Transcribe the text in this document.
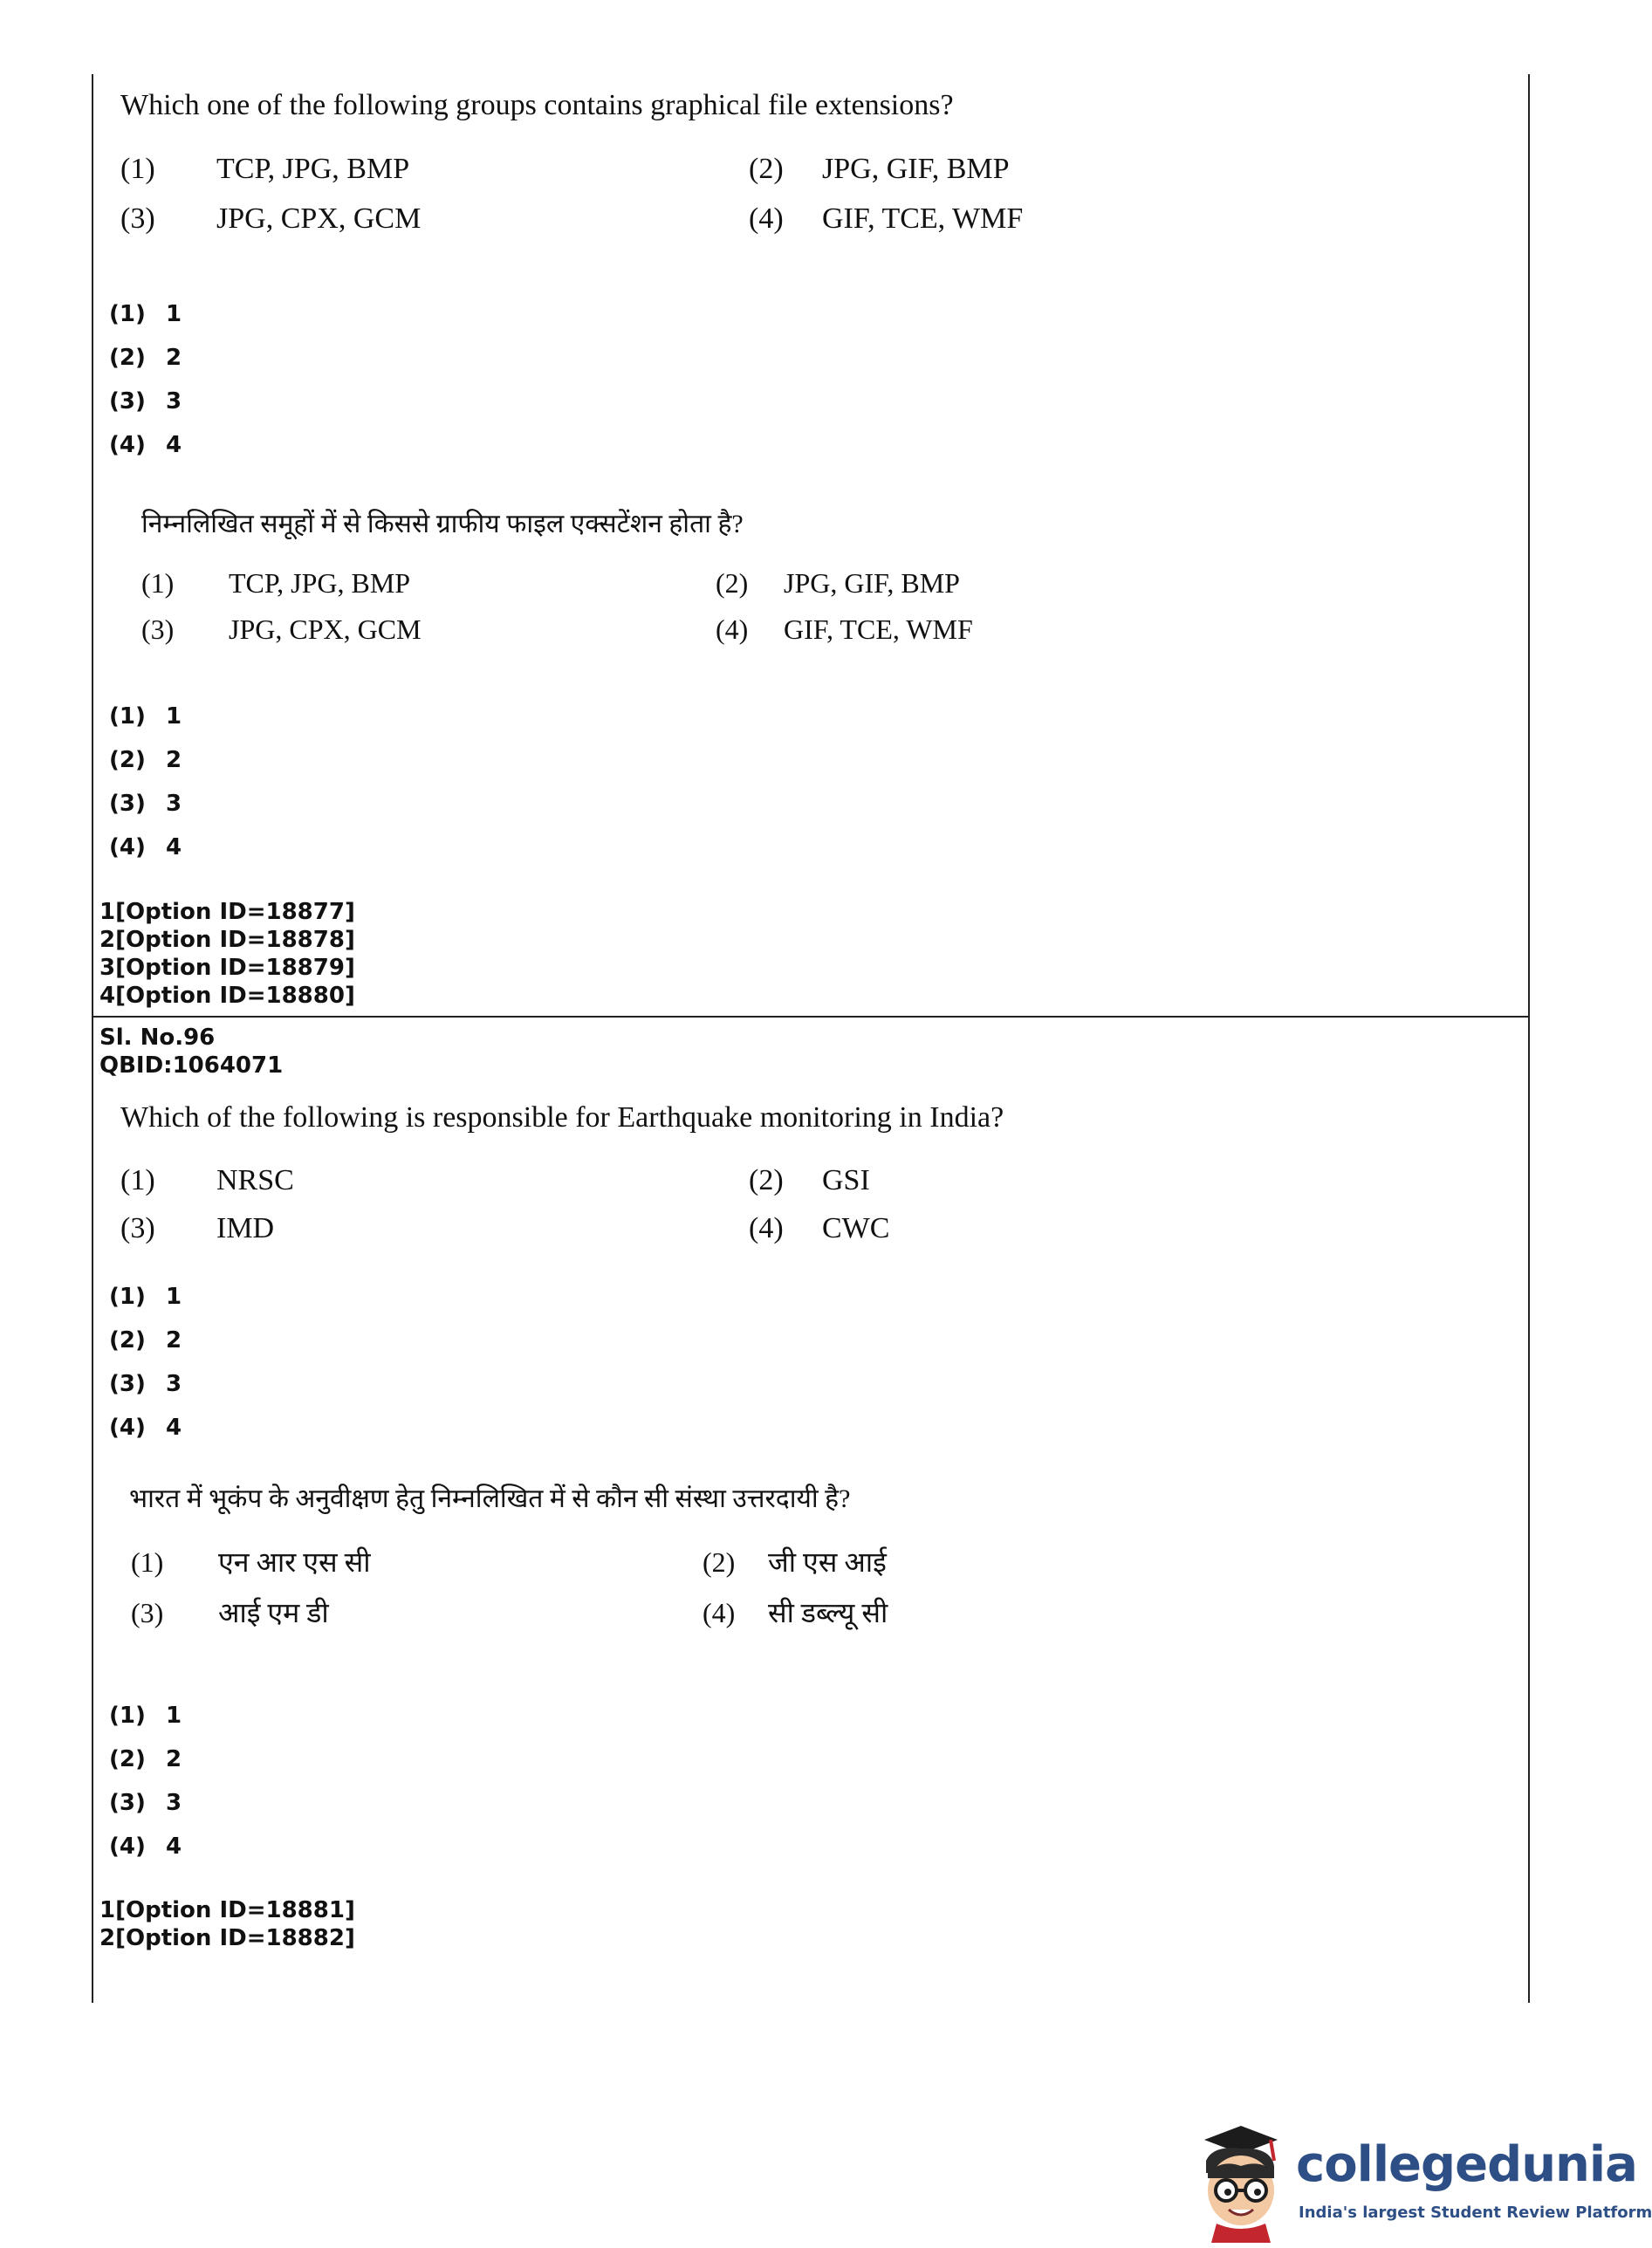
Which one of the following groups contains graphical file extensions?
(1) TCP, JPG, BMP	(2) JPG, GIF, BMP
(3) JPG, CPX, GCM	(4) GIF, TCE, WMF
(1) 1
(2) 2
(3) 3
(4) 4
निम्नलिखित समूहों में से किससे ग्राफीय फाइल एक्सटेंशन होता है?
(1) TCP, JPG, BMP	(2) JPG, GIF, BMP
(3) JPG, CPX, GCM	(4) GIF, TCE, WMF
(1) 1
(2) 2
(3) 3
(4) 4
1[Option ID=18877]
2[Option ID=18878]
3[Option ID=18879]
4[Option ID=18880]
Sl. No.96
QBID:1064071
Which of the following is responsible for Earthquake monitoring in India?
(1) NRSC	(2) GSI
(3) IMD	(4) CWC
(1) 1
(2) 2
(3) 3
(4) 4
भारत में भूकंप के अनुवीक्षण हेतु निम्नलिखित में से कौन सी संस्था उत्तरदायी है?
(1) एन आर एस सी	(2) जी एस आई
(3) आई एम डी	(4) सी डब्ल्यू सी
(1) 1
(2) 2
(3) 3
(4) 4
1[Option ID=18881]
2[Option ID=18882]
collegedunia
India's largest Student Review Platform
